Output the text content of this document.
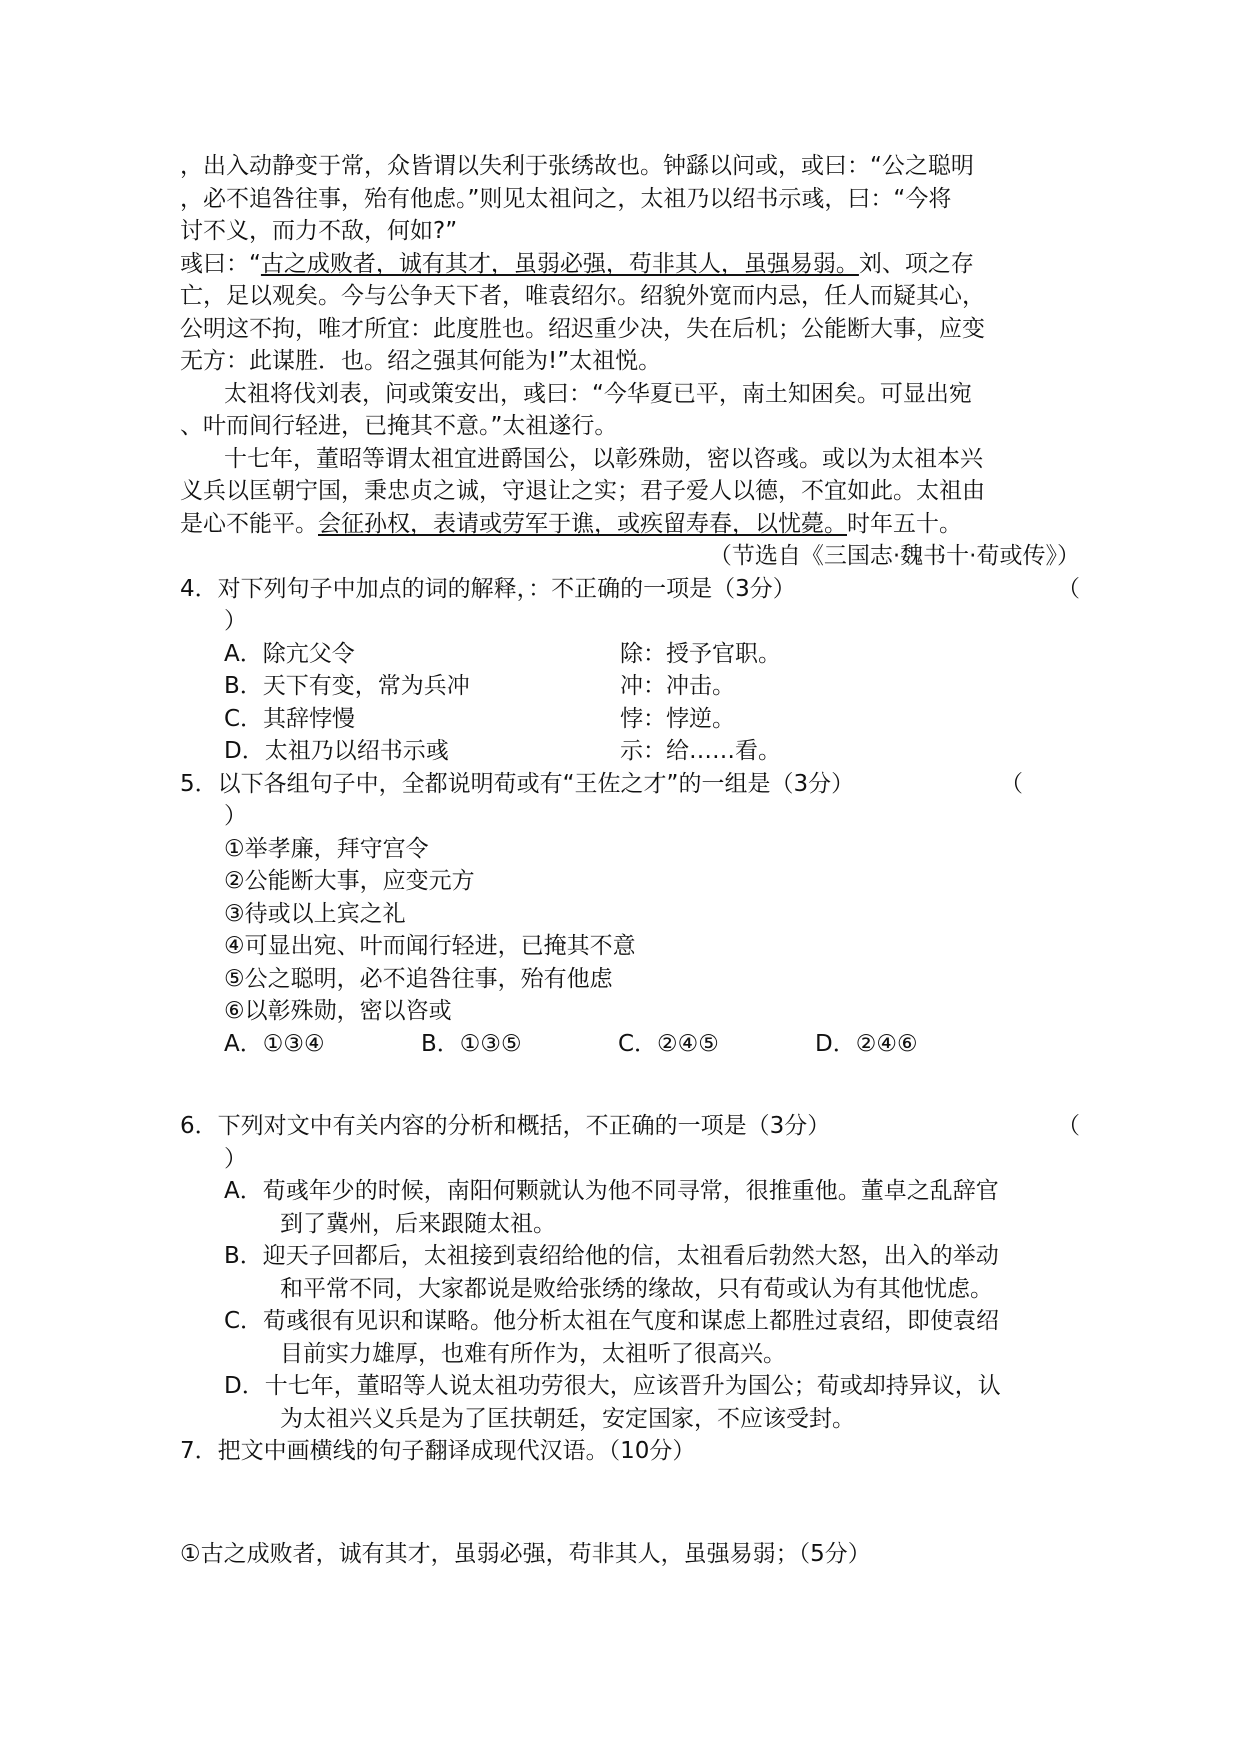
，出入动静变于常，众皆谓以失利于张绣故也。钟繇以问或，或曰：“公之聪明
，必不追咎往事，殆有他虑。”则见太祖问之，太祖乃以绍书示彧，曰：“今将
讨不义，而力不敌，何如?”
彧曰：“古之成败者，诚有其才，虽弱必强，苟非其人，虽强易弱。刘、项之存
亡，足以观矣。今与公争天下者，唯袁绍尔。绍貌外宽而内忌，任人而疑其心，
公明这不拘，唯才所宜：此度胜也。绍迟重少决，失在后机；公能断大事，应变
无方：此谋胜．也。绍之强其何能为!”太祖悦。
太祖将伐刘表，问或策安出，彧曰：“今华夏已平，南土知困矣。可显出宛
、叶而间行轻进，已掩其不意。”太祖遂行。
十七年，董昭等谓太祖宜进爵国公，以彰殊勋，密以咨彧。或以为太祖本兴
义兵以匡朝宁国，秉忠贞之诚，守退让之实；君子爱人以德，不宜如此。太祖由
是心不能平。会征孙权，表请或劳军于谯，或疾留寿春，以忧薨。时年五十。
（节选自《三国志·魏书十·荀或传》）
4．对下列句子中加点的词的解释，：不正确的一项是（3分）	（
）
A．除亢父令	除：授予官职。
B．天下有变，常为兵冲	冲：冲击。
C．其辞悖慢	悖：悖逆。
D．太祖乃以绍书示彧	示：给……看。
5．以下各组句子中，全都说明荀或有“王佐之才”的一组是（3分）	（
）
①举孝廉，拜守宫令
②公能断大事，应变元方
③待或以上宾之礼
④可显出宛、叶而闻行轻进，已掩其不意
⑤公之聪明，必不追咎往事，殆有他虑
⑥以彰殊勋，密以咨或
A．①③④	B．①③⑤	C．②④⑤	D．②④⑥
6．下列对文中有关内容的分析和概括，不正确的一项是（3分）	（
）
A．荀彧年少的时候，南阳何颗就认为他不同寻常，很推重他。董卓之乱辞官
到了冀州，后来跟随太祖。
B．迎天子回都后，太祖接到袁绍给他的信，太祖看后勃然大怒，出入的举动
和平常不同，大家都说是败给张绣的缘故，只有荀或认为有其他忧虑。
C．荀彧很有见识和谋略。他分析太祖在气度和谋虑上都胜过袁绍，即使袁绍
目前实力雄厚，也难有所作为，太祖听了很高兴。
D．十七年，董昭等人说太祖功劳很大，应该晋升为国公；荀或却持异议，认
为太祖兴义兵是为了匡扶朝廷，安定国家，不应该受封。
7．把文中画横线的句子翻译成现代汉语。（10分）
①古之成败者，诚有其才，虽弱必强，苟非其人，虽强易弱；（5分）
